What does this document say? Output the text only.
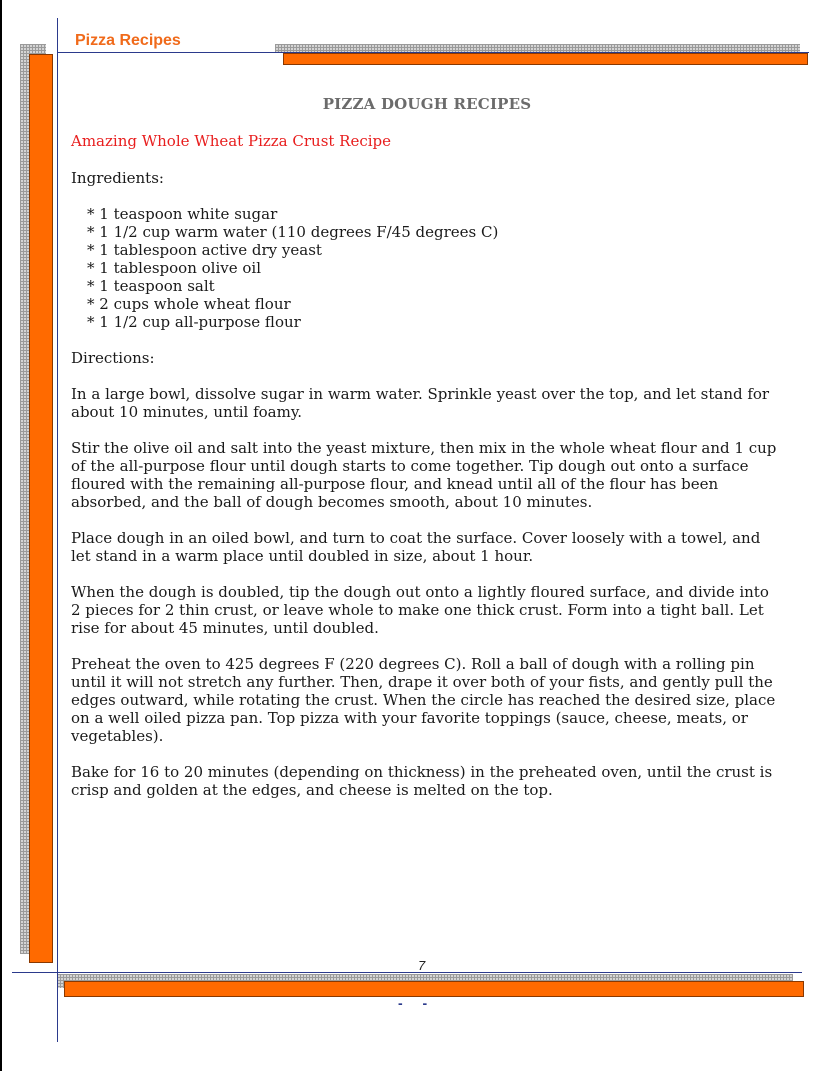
Pizza Recipes
PIZZA DOUGH RECIPES
Amazing Whole Wheat Pizza Crust Recipe

Ingredients:

* 1 teaspoon white sugar
* 1 1/2 cup warm water (110 degrees F/45 degrees C)
* 1 tablespoon active dry yeast
* 1 tablespoon olive oil
* 1 teaspoon salt
* 2 cups whole wheat flour
* 1 1/2 cup all-purpose flour

Directions:

In a large bowl, dissolve sugar in warm water. Sprinkle yeast over the top, and let stand for about 10 minutes, until foamy.

Stir the olive oil and salt into the yeast mixture, then mix in the whole wheat flour and 1 cup of the all-purpose flour until dough starts to come together. Tip dough out onto a surface floured with the remaining all-purpose flour, and knead until all of the flour has been absorbed, and the ball of dough becomes smooth, about 10 minutes.

Place dough in an oiled bowl, and turn to coat the surface. Cover loosely with a towel, and let stand in a warm place until doubled in size, about 1 hour.

When the dough is doubled, tip the dough out onto a lightly floured surface, and divide into 2 pieces for 2 thin crust, or leave whole to make one thick crust. Form into a tight ball. Let rise for about 45 minutes, until doubled.

Preheat the oven to 425 degrees F (220 degrees C). Roll a ball of dough with a rolling pin until it will not stretch any further. Then, drape it over both of your fists, and gently pull the edges outward, while rotating the crust. When the circle has reached the desired size, place on a well oiled pizza pan. Top pizza with your favorite toppings (sauce, cheese, meats, or vegetables).

Bake for 16 to 20 minutes (depending on thickness) in the preheated oven, until the crust is crisp and golden at the edges, and cheese is melted on the top.

7
- -
